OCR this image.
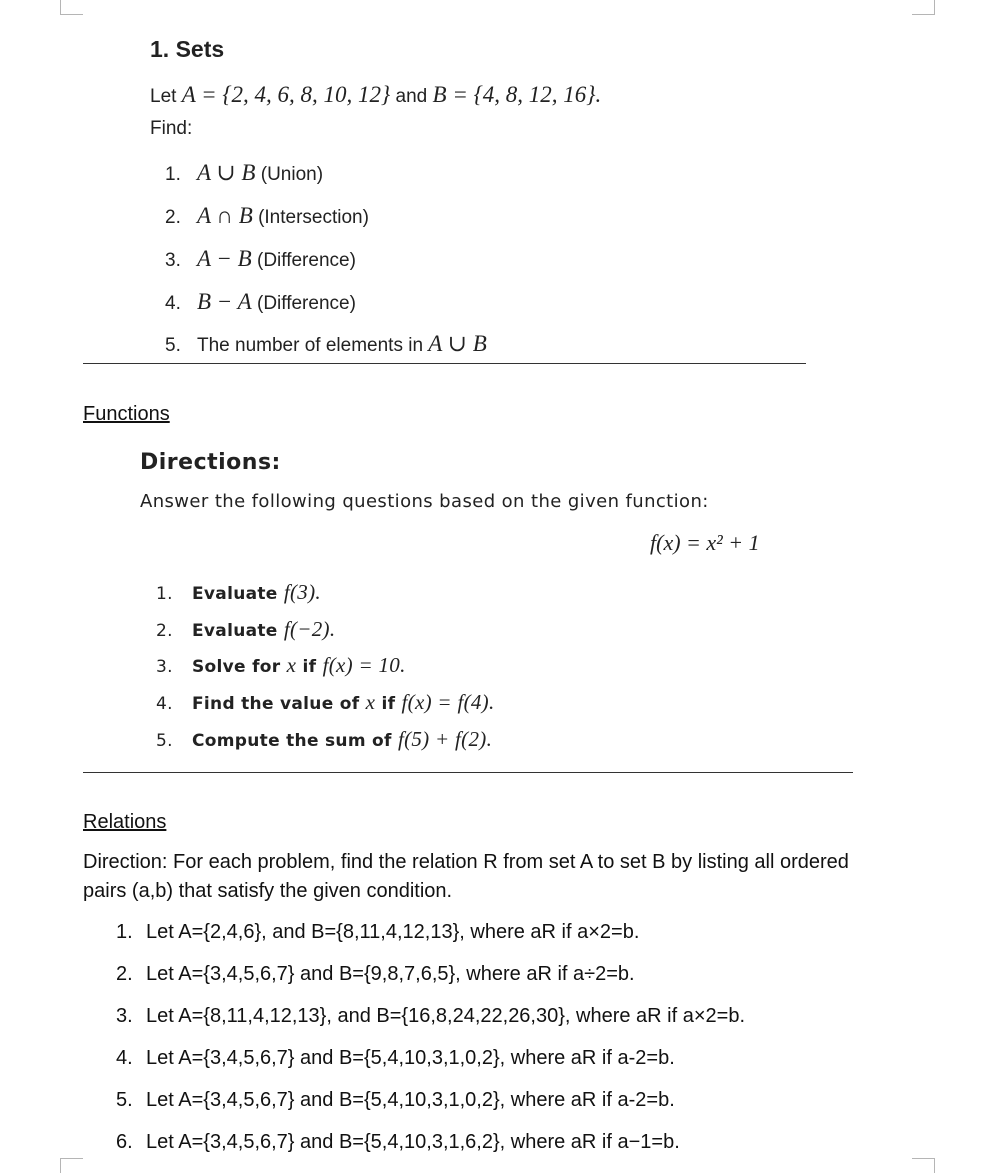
1. Sets
Let A = {2, 4, 6, 8, 10, 12} and B = {4, 8, 12, 16}.
Find:
1. A ∪ B (Union)
2. A ∩ B (Intersection)
3. A − B (Difference)
4. B − A (Difference)
5. The number of elements in A ∪ B
Functions
Directions:
Answer the following questions based on the given function:
f(x) = x² + 1
1. Evaluate f(3).
2. Evaluate f(−2).
3. Solve for x if f(x) = 10.
4. Find the value of x if f(x) = f(4).
5. Compute the sum of f(5) + f(2).
Relations
Direction: For each problem, find the relation R from set A to set B by listing all ordered pairs (a,b) that satisfy the given condition.
1. Let A={2,4,6}, and B={8,11,4,12,13}, where aR if a×2=b.
2. Let A={3,4,5,6,7} and B={9,8,7,6,5}, where aR if a÷2=b.
3. Let A={8,11,4,12,13}, and B={16,8,24,22,26,30}, where aR if a×2=b.
4. Let A={3,4,5,6,7} and B={5,4,10,3,1,0,2}, where aR if a-2=b.
5. Let A={3,4,5,6,7} and B={5,4,10,3,1,0,2}, where aR if a-2=b.
6. Let A={3,4,5,6,7} and B={5,4,10,3,1,6,2}, where aR if a−1=b.
